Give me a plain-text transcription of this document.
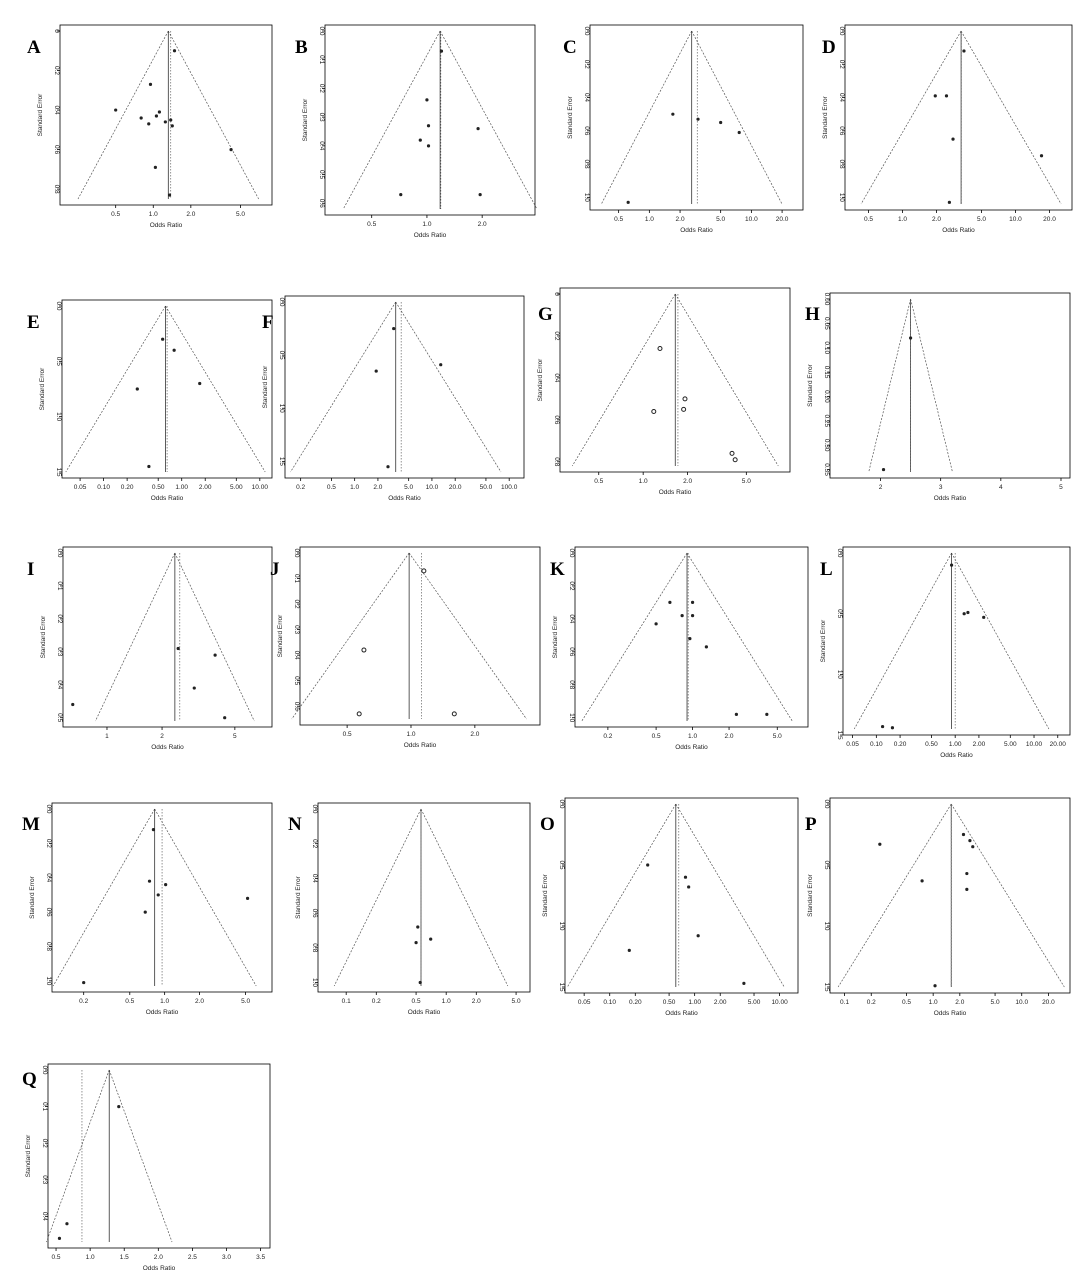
A
0.5	1.0	2.0	5.0
0
0.2
0.4
0.6
0.8
Odds Ratio
Standard Error
B
0.5	1.0	2.0
0.0
0.1
0.2
0.3
0.4
0.5
0.6
Odds Ratio
Standard Error
C
0.5	1.0	2.0	5.0	10.0	20.0
0.0
0.2
0.4
0.6
0.8
1.0
Odds Ratio
Standard Error
D
0.5	1.0	2.0	5.0	10.0	20.0
0.0
0.2
0.4
0.6
0.8
1.0
Odds Ratio
Standard Error
E
0.05 0.10 0.20	0.50 1.00 2.00	5.00 10.00
0.0
0.5
1.0
1.5
Odds Ratio
Standard Error
F
0.2	0.5 1.0 2.0	5.0 10.0 20.0	50.0 100.0
0.0
0.5
1.0
1.5
Odds Ratio
Standard Error
G
0.5	1.0	2.0	5.0
0
0.2
0.4
0.6
0.8
Odds Ratio
Standard Error
H
2	3	4	5
0.00
0.05
0.10
0.15
0.20
0.25
0.30
0.35
Odds Ratio
Standard Error
I
1	2	5
0.0
0.1
0.2
0.3
0.4
0.5
Odds Ratio
Standard Error
J
0.5	1.0	2.0
0.0
0.1
0.2
0.3
0.4
0.5
0.6
Odds Ratio
Standard Error
K
0.2	0.5	1.0	2.0	5.0
0.0
0.2
0.4
0.6
0.8
1.0
Odds Ratio
Standard Error
L
0.05 0.10 0.20	0.50 1.00 2.00	5.00 10.00 20.00
0.0
0.5
1.0
1.5
Odds Ratio
Standard Error
M
0.2	0.5	1.0	2.0	5.0
0.0
0.2
0.4
0.6
0.8
1.0
Odds Ratio
Standard Error
N
0.1	0.2	0.5	1.0	2.0	5.0
0.0
0.2
0.4
0.6
0.8
1.0
Odds Ratio
Standard Error
O
0.05 0.10 0.20	0.50 1.00 2.00	5.00 10.00
0.0
0.5
1.0
1.5
Odds Ratio
Standard Error
P
0.1	0.2	0.5	1.0	2.0	5.0 10.0 20.0
0.0
0.5
1.0
1.5
Odds Ratio
Standard Error
Q
0.5	1.0	1.5	2.0	2.5	3.0	3.5
0.0
0.1
0.2
0.3
0.4
Odds Ratio
Standard Error
